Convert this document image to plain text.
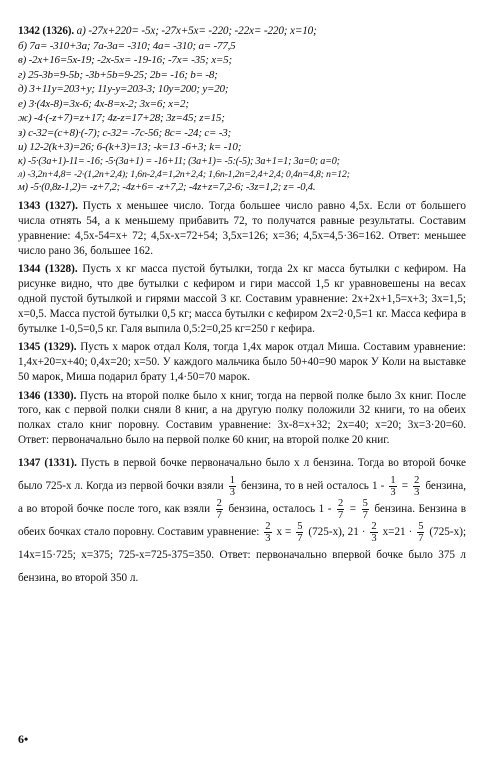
1342 (1326). а) -27x+220= -5x; -27x+5x= -220; -22x= -220; x=10;
б) 7a= -310+3a; 7a-3a= -310; 4a= -310; a= -77,5
в) -2x+16=5x-19; -2x-5x= -19-16; -7x= -35; x=5;
г) 25-3b=9-5b; -3b+5b=9-25; 2b= -16; b= -8;
д) 3+11y=203+y; 11y-y=203-3; 10y=200; y=20;
е) 3·(4x-8)=3x-6; 4x-8=x-2; 3x=6; x=2;
ж) -4·(-z+7)=z+17; 4z-z=17+28; 3z=45; z=15;
з) c-32=(c+8)·(-7); c-32= -7c-56; 8c= -24; c= -3;
и) 12-2(k+3)=26; 6-(k+3)=13; -k=13 -6+3; k= -10;
к) -5·(3a+1)-11= -16; -5·(3a+1) = -16+11; (3a+1)= -5:(-5); 3a+1=1; 3a=0; a=0;
л) -3,2n+4,8= -2·(1,2n+2,4); 1,6n-2,4=1,2n+2,4; 1,6n-1,2n=2,4+2,4; 0,4n=4,8; n=12;
м) -5·(0,8z-1,2)= -z+7,2; -4z+6= -z+7,2; -4z+z=7,2-6; -3z=1,2; z= -0,4.
1343 (1327). Пусть x меньшее число. Тогда большее число равно 4,5x. Если от большего числа отнять 54, а к меньшему прибавить 72, то получатся равные результаты. Составим уравнение: 4,5x-54=x+ 72; 4,5x-x=72+54; 3,5x=126; x=36; 4,5x=4,5·36=162. Ответ: меньшее число рано 36, большее 162.
1344 (1328). Пусть x кг масса пустой бутылки, тогда 2x кг масса бутылки с кефиром. На рисунке видно, что две бутылки с кефиром и гири массой 1,5 кг уравновешены на весах одной пустой бутылкой и гирями массой 3 кг. Составим уравнение: 2x+2x+1,5=x+3; 3x=1,5; x=0,5. Масса пустой бутылки 0,5 кг; масса бутылки с кефиром 2x=2·0,5=1 кг. Масса кефира в бутылке 1-0,5=0,5 кг. Галя выпила 0,5:2=0,25 кг=250 г кефира.
1345 (1329). Пусть x марок отдал Коля, тогда 1,4x марок отдал Миша. Составим уравнение: 1,4x+20=x+40; 0,4x=20; x=50. У каждого мальчика было 50+40=90 марок У Коли на выставке 50 марок, Миша подарил брату 1,4·50=70 марок.
1346 (1330). Пусть на второй полке было x книг, тогда на первой полке было 3x книг. После того, как с первой полки сняли 8 книг, а на другую полку положили 32 книги, то на обеих полках стало книг поровну. Составим уравнение: 3x-8=x+32; 2x=40; x=20; 3x=3·20=60. Ответ: первоначально было на первой полке 60 книг, на второй полке 20 книг.
1347 (1331). Пусть в первой бочке первоначально было x л бензина. Тогда во второй бочке было 725-x л. Когда из первой бочки взяли $\frac{1}{3}$ бензина, то в ней осталось $1 - \frac{1}{3} = \frac{2}{3}$ бензина, а во второй бочке после того, как взяли $\frac{2}{7}$ бензина, осталось $1 - \frac{2}{7} = \frac{5}{7}$ бензина. Бензина в обеих бочках стало поровну. Составим уравнение: $\frac{2}{3}$ $x = \frac{5}{7} (725-x)$, $21 \cdot \frac{2}{3} x=21 \cdot \frac{5}{7} (725-x)$; 14x=15·725; x=375; 725-x=725-375=350. Ответ: первоначально впервой бочке было 375 л бензина, во второй 350 л.
6•
